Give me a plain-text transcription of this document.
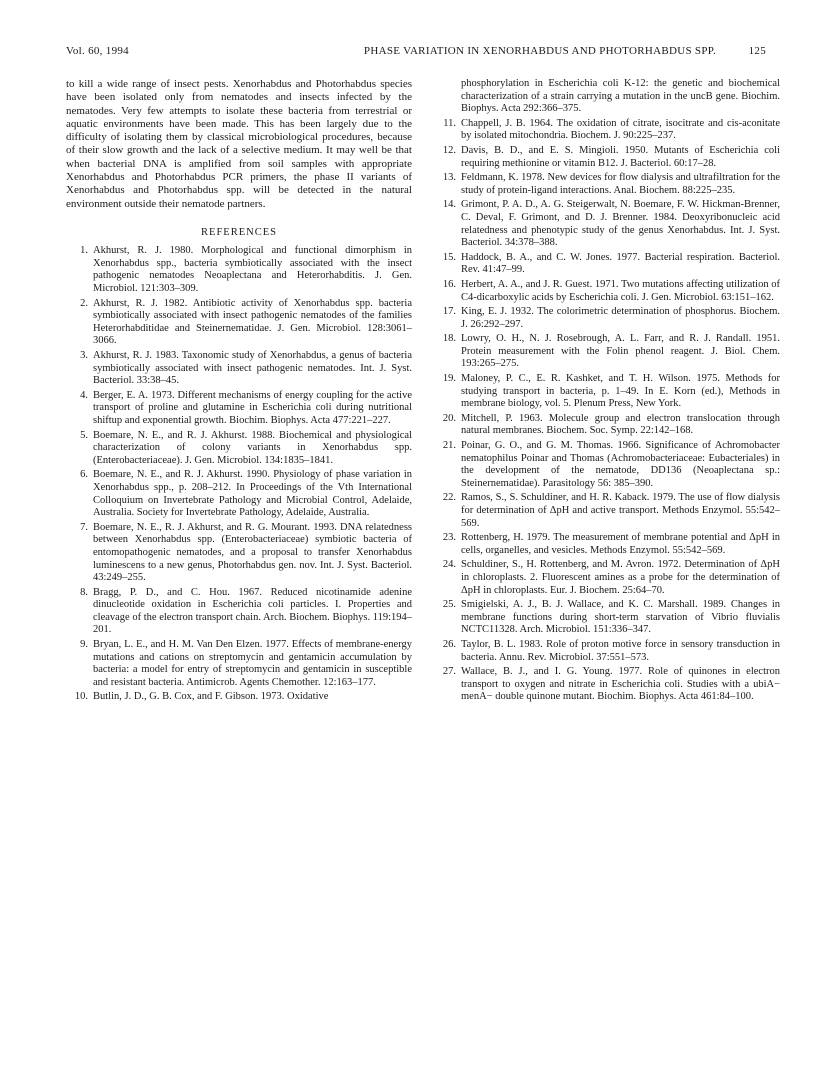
Vol. 60, 1994	PHASE VARIATION IN XENORHABDUS AND PHOTORHABDUS SPP.	125

to kill a wide range of insect pests. Xenorhabdus and Photorhabdus species have been isolated only from nematodes and insects infected by the nematodes. Very few attempts to isolate these bacteria from terrestrial or aquatic environments have been made. This has been largely due to the difficulty of isolating them by classical microbiological procedures, because of their slow growth and the lack of a selective medium. It may well be that when bacterial DNA is amplified from soil samples with appropriate Xenorhabdus and Photorhabdus PCR primers, the phase II variants of Xenorhabdus and Photorhabdus spp. will be detected in the natural environment outside their nematode partners.

REFERENCES
1. Akhurst, R. J. 1980. Morphological and functional dimorphism in Xenorhabdus spp., bacteria symbiotically associated with the insect pathogenic nematodes Neoaplectana and Heterorhabditis. J. Gen. Microbiol. 121:303–309.
2. Akhurst, R. J. 1982. Antibiotic activity of Xenorhabdus spp. bacteria symbiotically associated with insect pathogenic nematodes of the families Heterorhabditidae and Steinernematidae. J. Gen. Microbiol. 128:3061–3066.
3. Akhurst, R. J. 1983. Taxonomic study of Xenorhabdus, a genus of bacteria symbiotically associated with insect pathogenic nematodes. Int. J. Syst. Bacteriol. 33:38–45.
4. Berger, E. A. 1973. Different mechanisms of energy coupling for the active transport of proline and glutamine in Escherichia coli during nutritional shiftup and exponential growth. Biochim. Biophys. Acta 477:221–227.
5. Boemare, N. E., and R. J. Akhurst. 1988. Biochemical and physiological characterization of colony variants in Xenorhabdus spp. (Enterobacteriaceae). J. Gen. Microbiol. 134:1835–1841.
6. Boemare, N. E., and R. J. Akhurst. 1990. Physiology of phase variation in Xenorhabdus spp., p. 208–212. In Proceedings of the Vth International Colloquium on Invertebrate Pathology and Microbial Control, Adelaide, Australia. Society for Invertebrate Pathology, Adelaide, Australia.
7. Boemare, N. E., R. J. Akhurst, and R. G. Mourant. 1993. DNA relatedness between Xenorhabdus spp. (Enterobacteriaceae) symbiotic bacteria of entomopathogenic nematodes, and a proposal to transfer Xenorhabdus luminescens to a new genus, Photorhabdus gen. nov. Int. J. Syst. Bacteriol. 43:249–255.
8. Bragg, P. D., and C. Hou. 1967. Reduced nicotinamide adenine dinucleotide oxidation in Escherichia coli particles. I. Properties and cleavage of the electron transport chain. Arch. Biochem. Biophys. 119:194–201.
9. Bryan, L. E., and H. M. Van Den Elzen. 1977. Effects of membrane-energy mutations and cations on streptomycin and gentamicin accumulation by bacteria: a model for entry of streptomycin and gentamicin in susceptible and resistant bacteria. Antimicrob. Agents Chemother. 12:163–177.
10. Butlin, J. D., G. B. Cox, and F. Gibson. 1973. Oxidative
phosphorylation in Escherichia coli K-12: the genetic and biochemical characterization of a strain carrying a mutation in the uncB gene. Biochim. Biophys. Acta 292:366–375.
11. Chappell, J. B. 1964. The oxidation of citrate, isocitrate and cis-aconitate by isolated mitochondria. Biochem. J. 90:225–237.
12. Davis, B. D., and E. S. Mingioli. 1950. Mutants of Escherichia coli requiring methionine or vitamin B12. J. Bacteriol. 60:17–28.
13. Feldmann, K. 1978. New devices for flow dialysis and ultrafiltration for the study of protein-ligand interactions. Anal. Biochem. 88:225–235.
14. Grimont, P. A. D., A. G. Steigerwalt, N. Boemare, F. W. Hickman-Brenner, C. Deval, F. Grimont, and D. J. Brenner. 1984. Deoxyribonucleic acid relatedness and phenotypic study of the genus Xenorhabdus. Int. J. Syst. Bacteriol. 34:378–388.
15. Haddock, B. A., and C. W. Jones. 1977. Bacterial respiration. Bacteriol. Rev. 41:47–99.
16. Herbert, A. A., and J. R. Guest. 1971. Two mutations affecting utilization of C4-dicarboxylic acids by Escherichia coli. J. Gen. Microbiol. 63:151–162.
17. King, E. J. 1932. The colorimetric determination of phosphorus. Biochem. J. 26:292–297.
18. Lowry, O. H., N. J. Rosebrough, A. L. Farr, and R. J. Randall. 1951. Protein measurement with the Folin phenol reagent. J. Biol. Chem. 193:265–275.
19. Maloney, P. C., E. R. Kashket, and T. H. Wilson. 1975. Methods for studying transport in bacteria, p. 1–49. In E. Korn (ed.), Methods in membrane biology, vol. 5. Plenum Press, New York.
20. Mitchell, P. 1963. Molecule group and electron translocation through natural membranes. Biochem. Soc. Symp. 22:142–168.
21. Poinar, G. O., and G. M. Thomas. 1966. Significance of Achromobacter nematophilus Poinar and Thomas (Achromobacteriaceae: Eubacteriales) in the development of the nematode, DD136 (Neoaplectana sp.: Steinernematidae). Parasitology 56: 385–390.
22. Ramos, S., S. Schuldiner, and H. R. Kaback. 1979. The use of flow dialysis for determination of ΔpH and active transport. Methods Enzymol. 55:542–569.
23. Rottenberg, H. 1979. The measurement of membrane potential and ΔpH in cells, organelles, and vesicles. Methods Enzymol. 55:542–569.
24. Schuldiner, S., H. Rottenberg, and M. Avron. 1972. Determination of ΔpH in chloroplasts. 2. Fluorescent amines as a probe for the determination of ΔpH in chloroplasts. Eur. J. Biochem. 25:64–70.
25. Smigielski, A. J., B. J. Wallace, and K. C. Marshall. 1989. Changes in membrane functions during short-term starvation of Vibrio fluvialis NCTC11328. Arch. Microbiol. 151:336–347.
26. Taylor, B. L. 1983. Role of proton motive force in sensory transduction in bacteria. Annu. Rev. Microbiol. 37:551–573.
27. Wallace, B. J., and I. G. Young. 1977. Role of quinones in electron transport to oxygen and nitrate in Escherichia coli. Studies with a ubiA− menA− double quinone mutant. Biochim. Biophys. Acta 461:84–100.
